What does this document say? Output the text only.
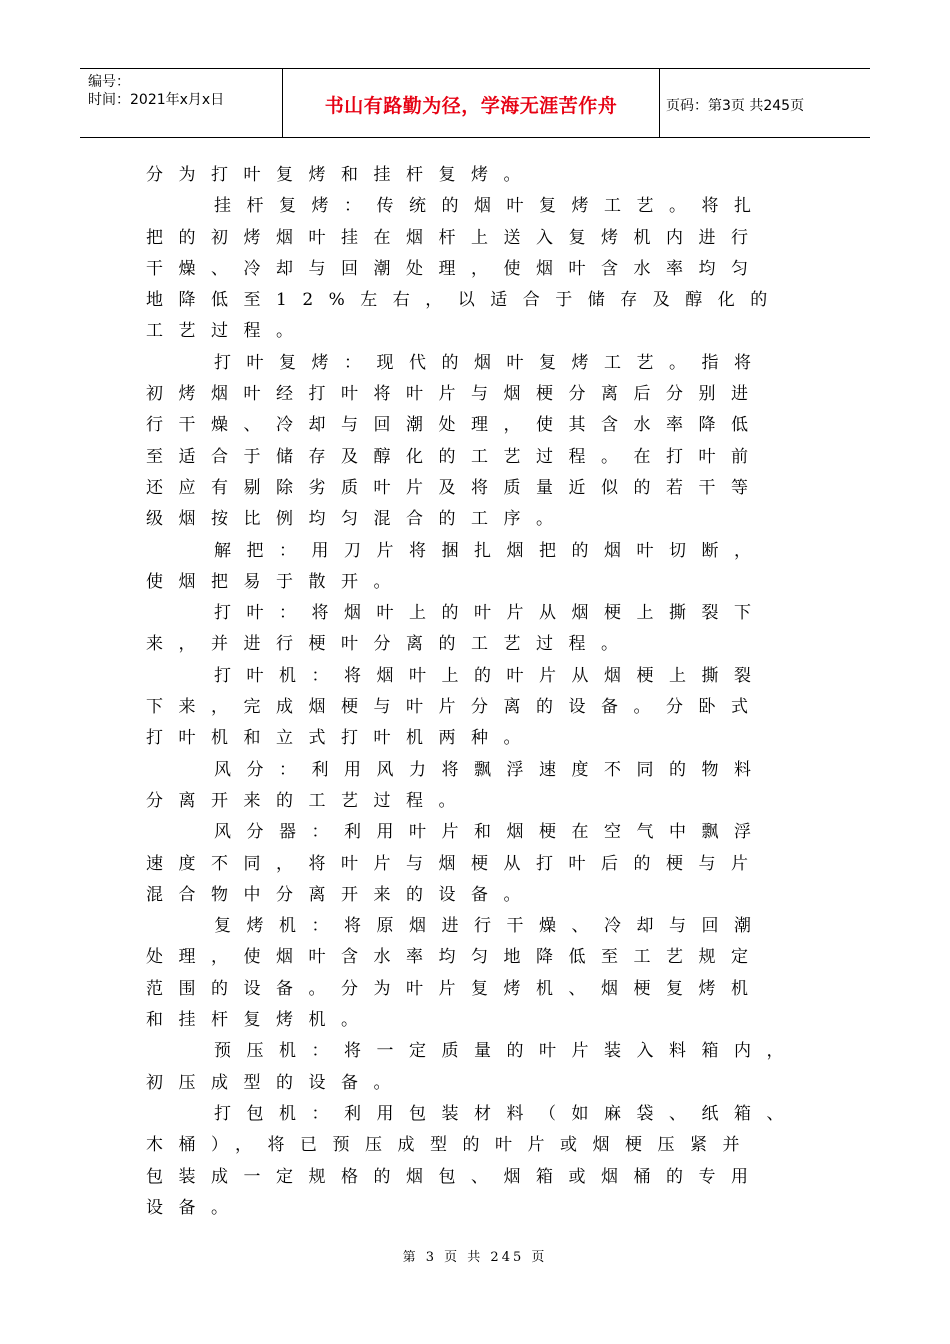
编号：
时间：2021年x月x日	书山有路勤为径，学海无涯苦作舟	页码：第3页 共245页
分为打叶复烤和挂杆复烤。
挂杆复烤：传统的烟叶复烤工艺。将扎
把的初烤烟叶挂在烟杆上送入复烤机内进行
干燥、冷却与回潮处理，使烟叶含水率均匀
地降低至12%左右，以适合于储存及醇化的
工艺过程。
打叶复烤：现代的烟叶复烤工艺。指将
初烤烟叶经打叶将叶片与烟梗分离后分别进
行干燥、冷却与回潮处理，使其含水率降低
至适合于储存及醇化的工艺过程。在打叶前
还应有剔除劣质叶片及将质量近似的若干等
级烟按比例均匀混合的工序。
解把：用刀片将捆扎烟把的烟叶切断，
使烟把易于散开。
打叶：将烟叶上的叶片从烟梗上撕裂下
来，并进行梗叶分离的工艺过程。
打叶机：将烟叶上的叶片从烟梗上撕裂
下来，完成烟梗与叶片分离的设备。分卧式
打叶机和立式打叶机两种。
风分：利用风力将飘浮速度不同的物料
分离开来的工艺过程。
风分器：利用叶片和烟梗在空气中飘浮
速度不同，将叶片与烟梗从打叶后的梗与片
混合物中分离开来的设备。
复烤机：将原烟进行干燥、冷却与回潮
处理，使烟叶含水率均匀地降低至工艺规定
范围的设备。分为叶片复烤机、烟梗复烤机
和挂杆复烤机。
预压机：将一定质量的叶片装入料箱内，
初压成型的设备。
打包机：利用包装材料（如麻袋、纸箱、
木桶），将已预压成型的叶片或烟梗压紧并
包装成一定规格的烟包、烟箱或烟桶的专用
设备。
第 3 页 共 245 页
